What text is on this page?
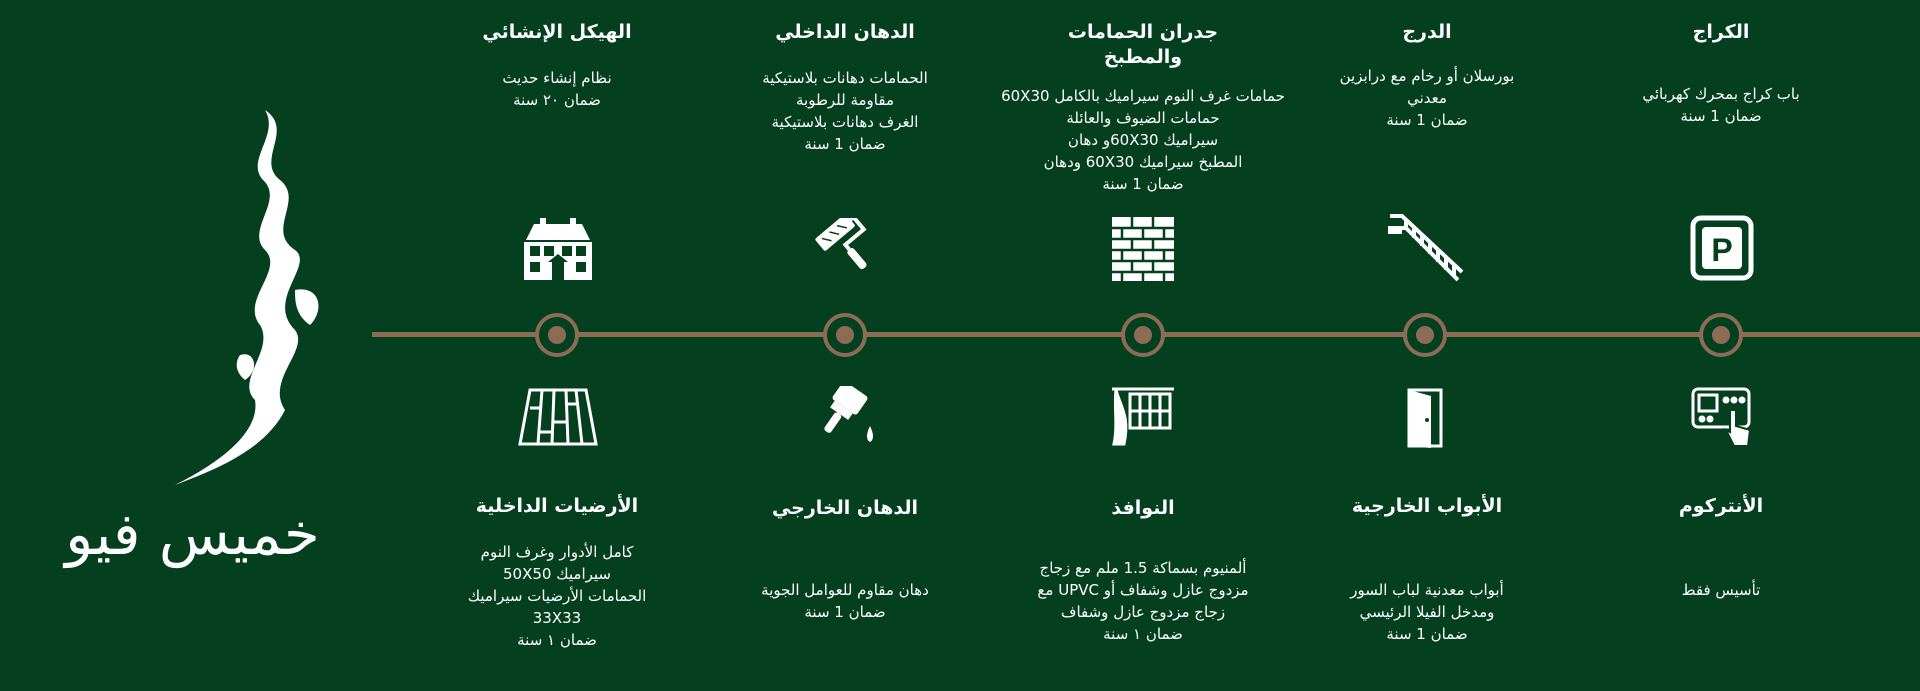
خميس فيو

الكراج

باب كراج بمحرك كهربائي
ضمان 1 سنة

الدرج

بورسلان أو رخام مع درابزين
معدني
ضمان 1 سنة

جدران الحمامات والمطبخ

حمامات غرف النوم سيراميك بالكامل 60X30
حمامات الضيوف والعائلة
سيراميك 60X30و دهان
المطبخ سيراميك 60X30 ودهان
ضمان 1 سنة

الدهان الداخلي

الحمامات دهانات بلاستيكية
مقاومة للرطوبة
الغرف دهانات بلاستيكية
ضمان 1 سنة

الهيكل الإنشائي

نظام إنشاء حديث
ضمان ٢٠ سنة
P

الأنتركوم

تأسيس فقط

الأبواب الخارجية

أبواب معدنية لباب السور
ومدخل الفيلا الرئيسي
ضمان 1 سنة

النوافذ

ألمنيوم بسماكة 1.5 ملم مع زجاج
مزدوج عازل وشفاف أو UPVC مع
زجاج مزدوج عازل وشفاف
ضمان ١ سنة

الدهان الخارجي

دهان مقاوم للعوامل الجوية
ضمان 1 سنة

الأرضيات الداخلية

كامل الأدوار وغرف النوم
سيراميك 50X50
الحمامات الأرضيات سيراميك
33X33
ضمان ١ سنة
